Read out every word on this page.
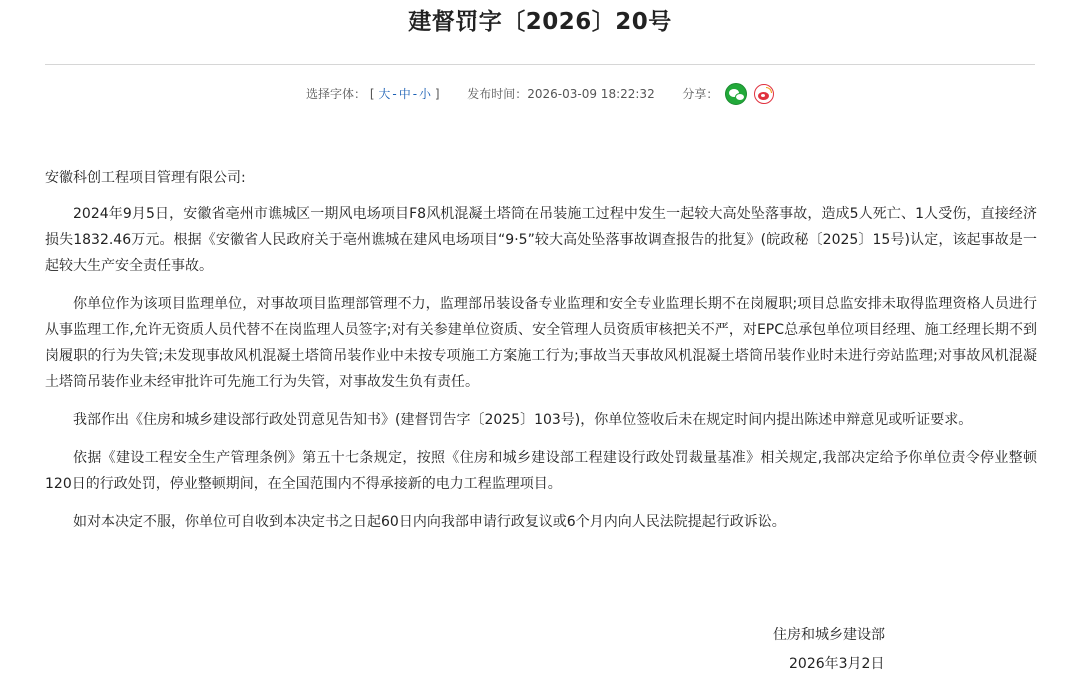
建督罚字〔2026〕20号
选择字体： [ 大 - 中 - 小 ] 发布时间：2026-03-09 18:22:32 分享：

安徽科创工程项目管理有限公司:

2024年9月5日，安徽省亳州市谯城区一期风电场项目F8风机混凝土塔筒在吊装施工过程中发生一起较大高处坠落事故，造成5人死亡、1人受伤，直接经济损失1832.46万元。根据《安徽省人民政府关于亳州谯城在建风电场项目“9·5”较大高处坠落事故调查报告的批复》(皖政秘〔2025〕15号)认定，该起事故是一起较大生产安全责任事故。

你单位作为该项目监理单位，对事故项目监理部管理不力，监理部吊装设备专业监理和安全专业监理长期不在岗履职;项目总监安排未取得监理资格人员进行从事监理工作,允许无资质人员代替不在岗监理人员签字;对有关参建单位资质、安全管理人员资质审核把关不严，对EPC总承包单位项目经理、施工经理长期不到岗履职的行为失管;未发现事故风机混凝土塔筒吊装作业中未按专项施工方案施工行为;事故当天事故风机混凝土塔筒吊装作业时未进行旁站监理;对事故风机混凝土塔筒吊装作业未经审批许可先施工行为失管，对事故发生负有责任。

我部作出《住房和城乡建设部行政处罚意见告知书》(建督罚告字〔2025〕103号)，你单位签收后未在规定时间内提出陈述申辩意见或听证要求。

依据《建设工程安全生产管理条例》第五十七条规定，按照《住房和城乡建设部工程建设行政处罚裁量基准》相关规定,我部决定给予你单位责令停业整顿120日的行政处罚，停业整顿期间，在全国范围内不得承接新的电力工程监理项目。

如对本决定不服，你单位可自收到本决定书之日起60日内向我部申请行政复议或6个月内向人民法院提起行政诉讼。

住房和城乡建设部
2026年3月2日
